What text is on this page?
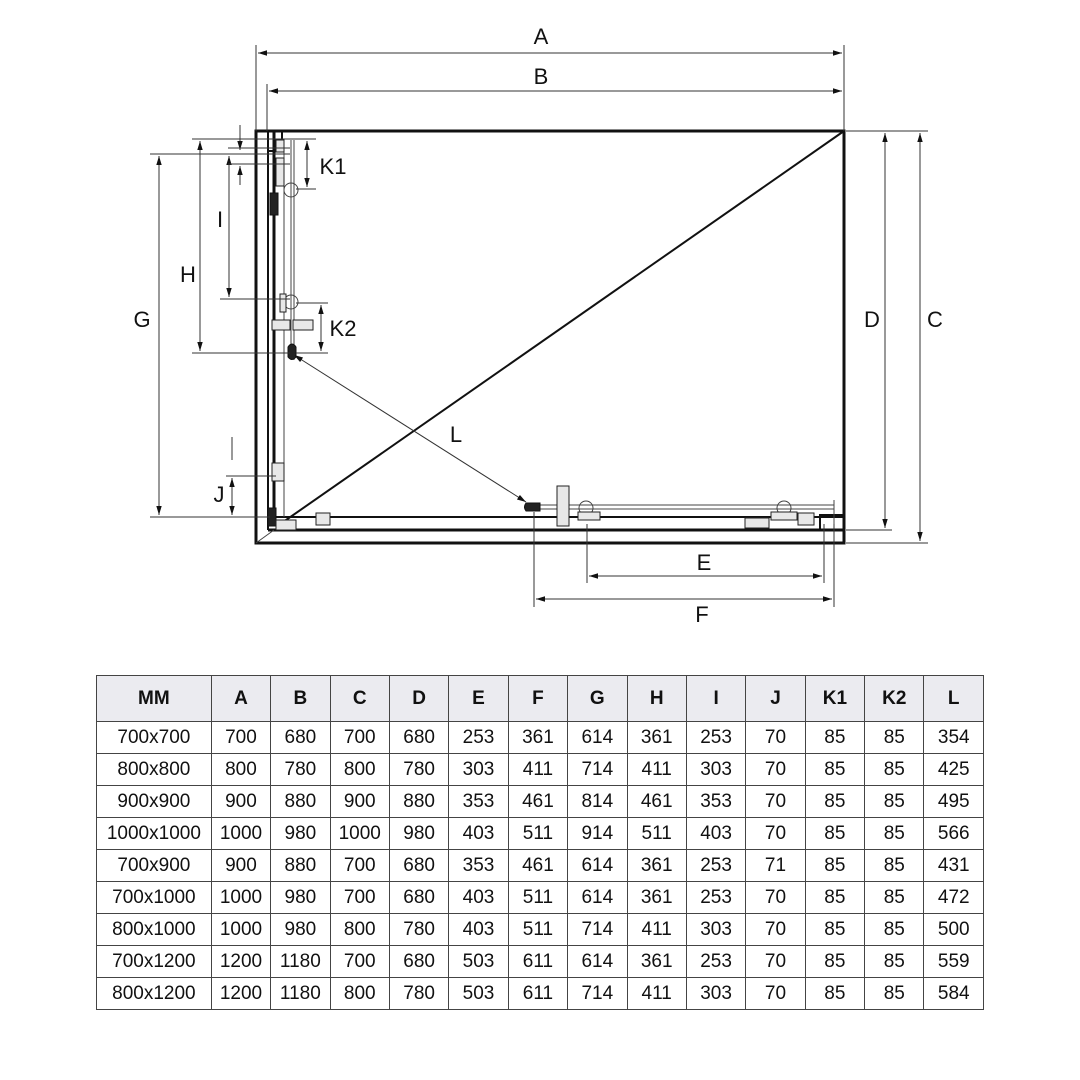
A
B
D C
G
H
I
K1
K2
J
L
E
F
MM	A	B	C	D	E	F	G	H	I	J	K1	K2	L
700x700	700	680	700	680	253	361	614	361	253	70	85	85	354
800x800	800	780	800	780	303	411	714	411	303	70	85	85	425
900x900	900	880	900	880	353	461	814	461	353	70	85	85	495
1000x1000	1000	980	1000	980	403	511	914	511	403	70	85	85	566
700x900	900	880	700	680	353	461	614	361	253	71	85	85	431
700x1000	1000	980	700	680	403	511	614	361	253	70	85	85	472
800x1000	1000	980	800	780	403	511	714	411	303	70	85	85	500
700x1200	1200	1180	700	680	503	611	614	361	253	70	85	85	559
800x1200	1200	1180	800	780	503	611	714	411	303	70	85	85	584
